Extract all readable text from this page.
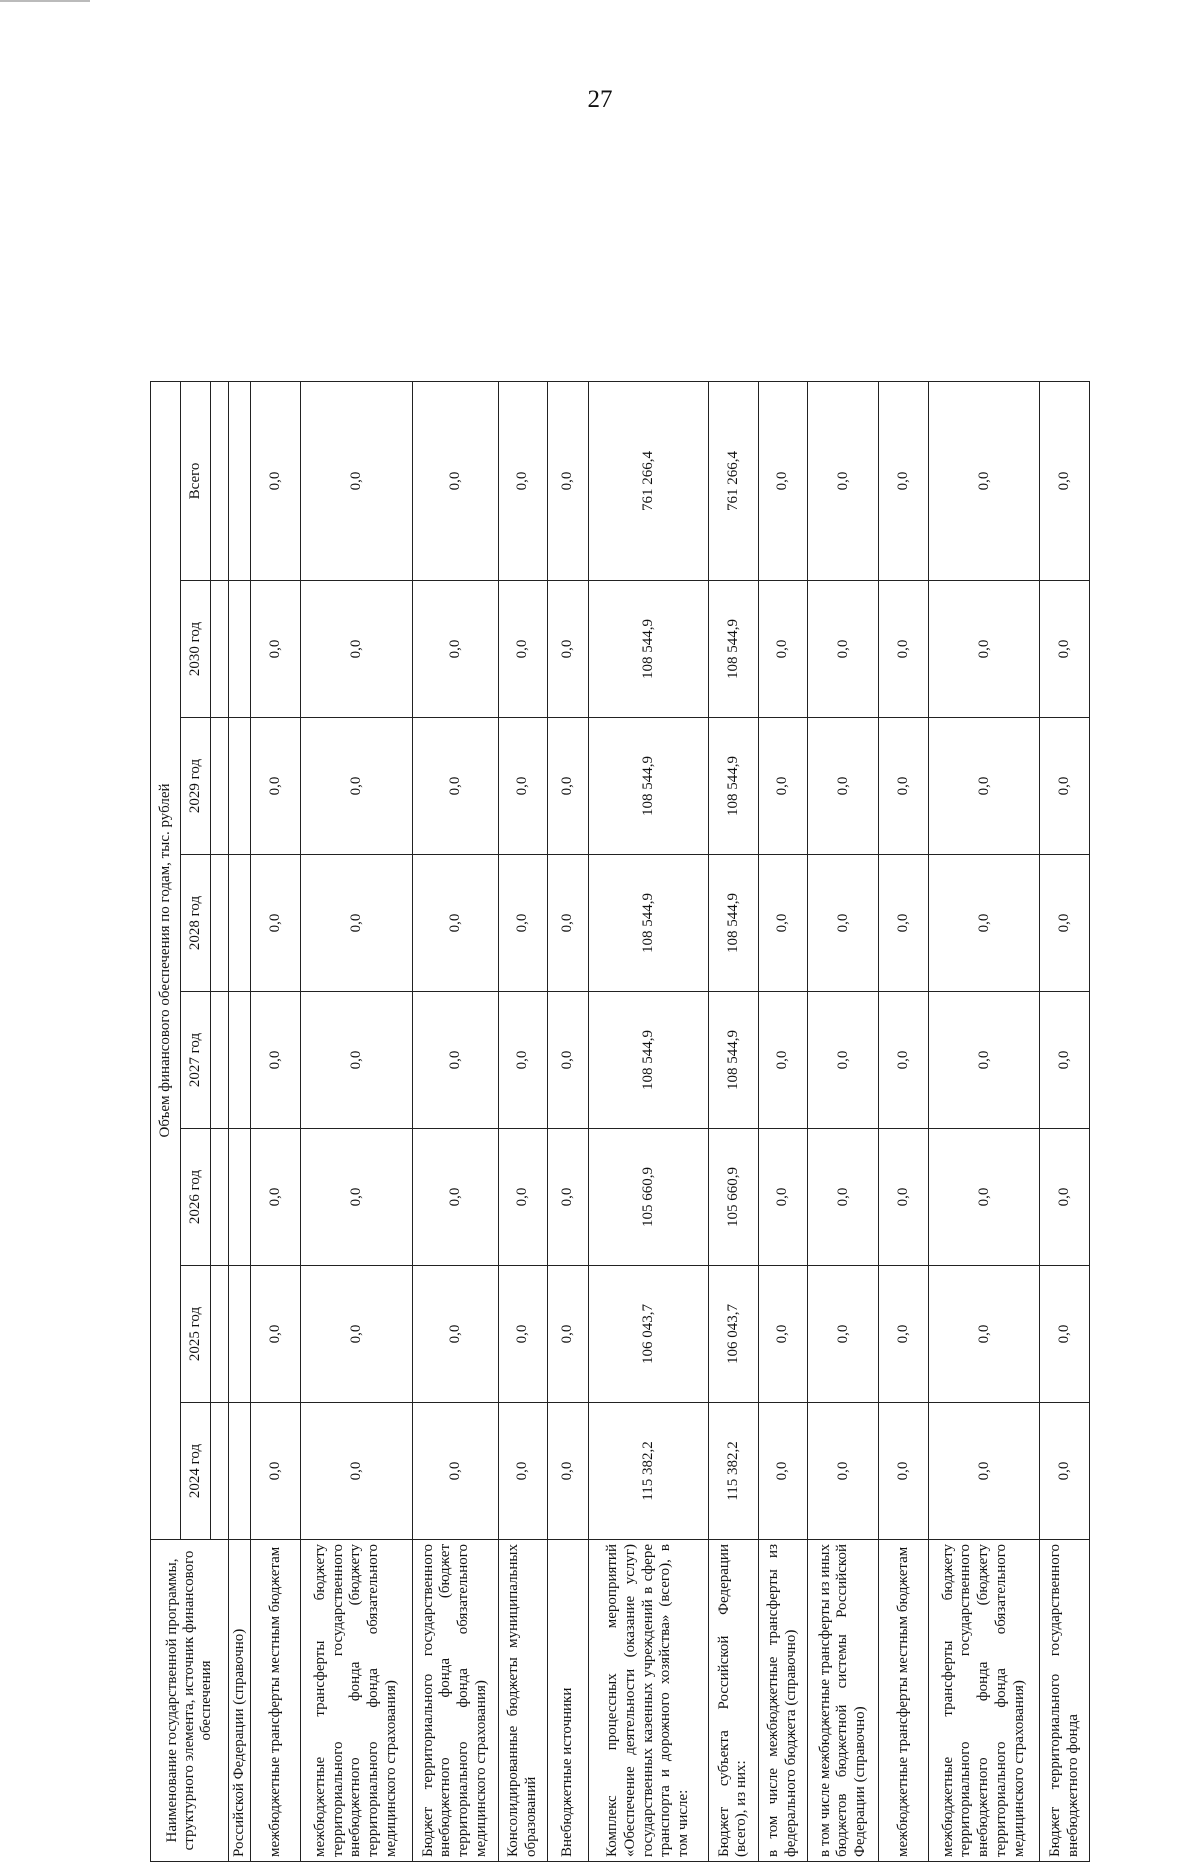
27
Наименование государственной программы, структурного элемента, источник финансового обеспечения	Объем финансового обеспечения по годам, тыс. рублей							
	2024 год	2025 год	2026 год	2027 год	2028 год	2029 год	2030 год	Всего

Российской Федерации (справочно)								
межбюджетные трансферты местным бюджетам	0,0	0,0	0,0	0,0	0,0	0,0	0,0	0,0
межбюджетные трансферты бюджету территориального государственного внебюджетного фонда (бюджету территориального фонда обязательного медицинского страхования)	0,0	0,0	0,0	0,0	0,0	0,0	0,0	0,0
Бюджет территориального государственного внебюджетного фонда (бюджет территориального фонда обязательного медицинского страхования)	0,0	0,0	0,0	0,0	0,0	0,0	0,0	0,0
Консолидированные бюджеты муниципальных образований	0,0	0,0	0,0	0,0	0,0	0,0	0,0	0,0
Внебюджетные источники	0,0	0,0	0,0	0,0	0,0	0,0	0,0	0,0
Комплекс процессных мероприятий «Обеспечение деятельности (оказание услуг) государственных казенных учреждений в сфере транспорта и дорожного хозяйства» (всего), в том числе:	115 382,2	106 043,7	105 660,9	108 544,9	108 544,9	108 544,9	108 544,9	761 266,4
Бюджет субъекта Российской Федерации (всего), из них:	115 382,2	106 043,7	105 660,9	108 544,9	108 544,9	108 544,9	108 544,9	761 266,4
в том числе межбюджетные трансферты из федерального бюджета (справочно)	0,0	0,0	0,0	0,0	0,0	0,0	0,0	0,0
в том числе межбюджетные трансферты из иных бюджетов бюджетной системы Российской Федерации (справочно)	0,0	0,0	0,0	0,0	0,0	0,0	0,0	0,0
межбюджетные трансферты местным бюджетам	0,0	0,0	0,0	0,0	0,0	0,0	0,0	0,0
межбюджетные трансферты бюджету территориального государственного внебюджетного фонда (бюджету территориального фонда обязательного медицинского страхования)	0,0	0,0	0,0	0,0	0,0	0,0	0,0	0,0
Бюджет территориального государственного внебюджетного фонда	0,0	0,0	0,0	0,0	0,0	0,0	0,0	0,0
